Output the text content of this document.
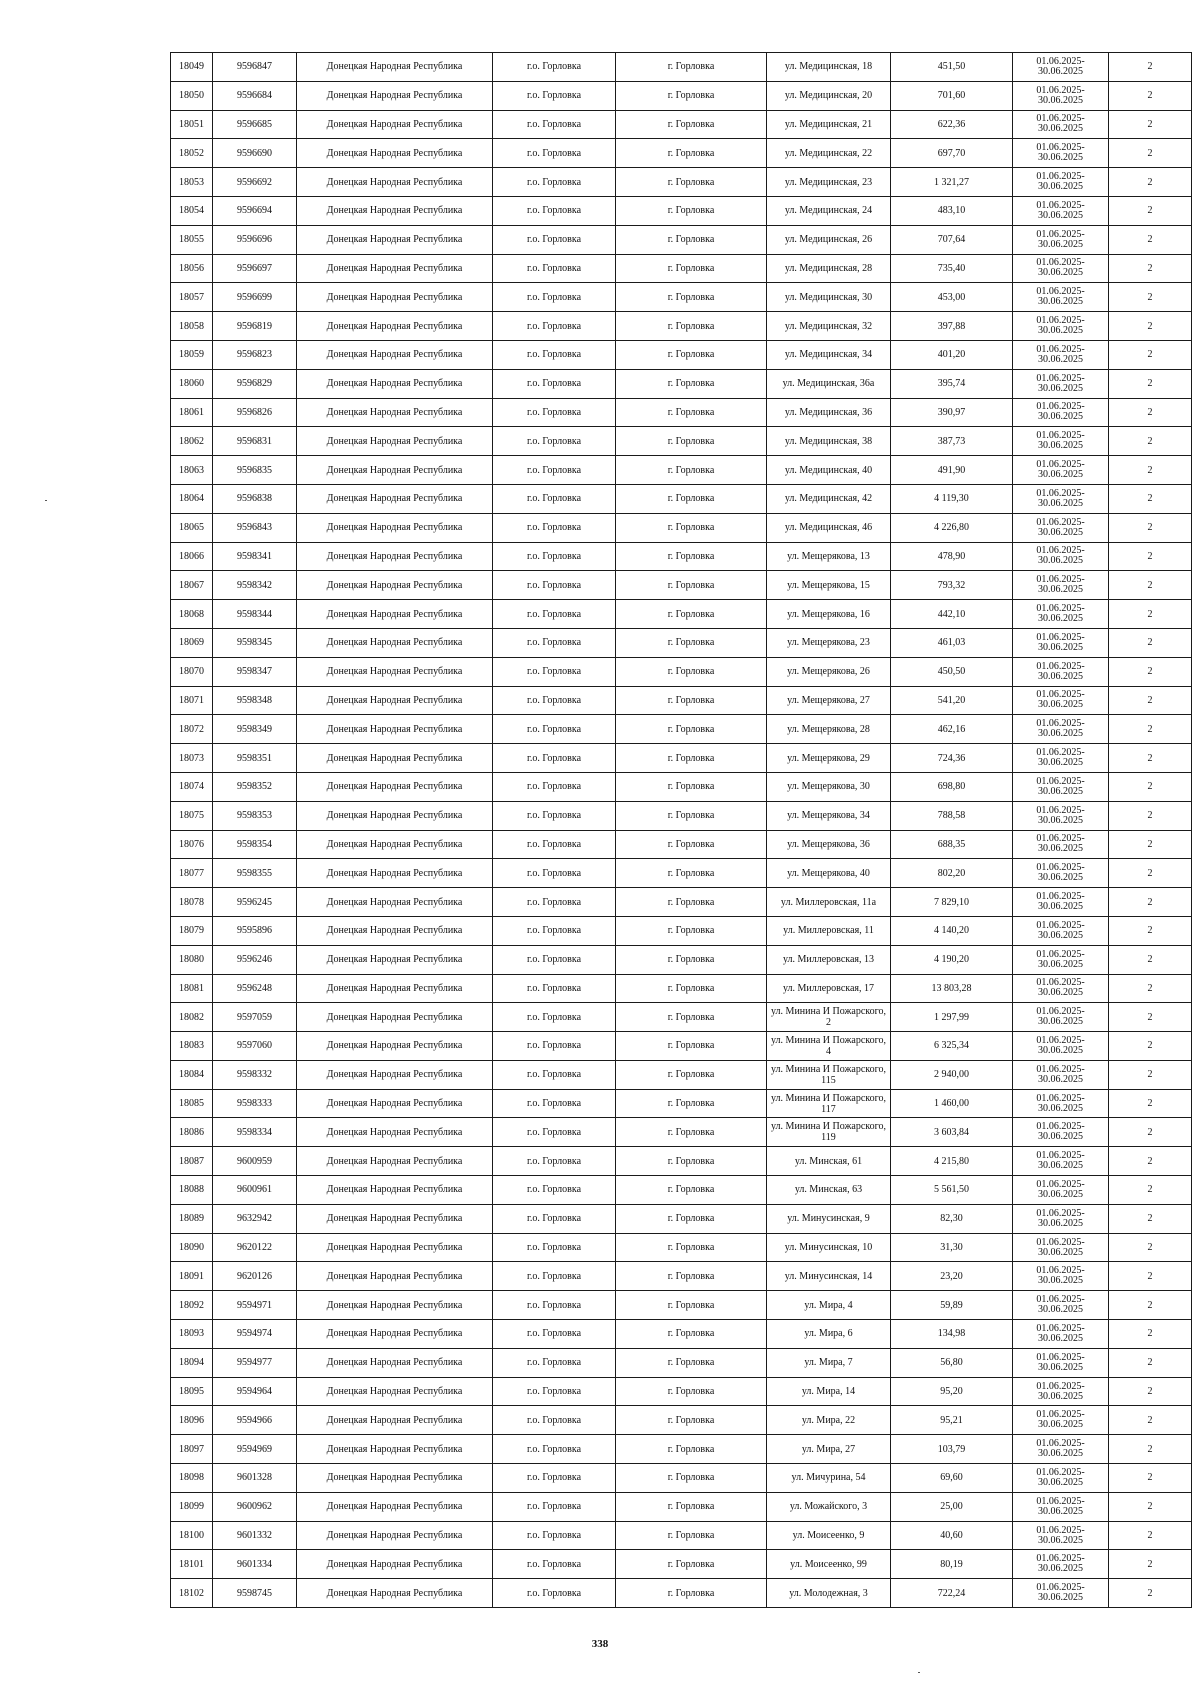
18049	9596847	Донецкая Народная Республика	г.о. Горловка	г. Горловка	ул. Медицинская, 18	451,50	01.06.2025-30.06.2025	2
18050	9596684	Донецкая Народная Республика	г.о. Горловка	г. Горловка	ул. Медицинская, 20	701,60	01.06.2025-30.06.2025	2
18051	9596685	Донецкая Народная Республика	г.о. Горловка	г. Горловка	ул. Медицинская, 21	622,36	01.06.2025-30.06.2025	2
18052	9596690	Донецкая Народная Республика	г.о. Горловка	г. Горловка	ул. Медицинская, 22	697,70	01.06.2025-30.06.2025	2
18053	9596692	Донецкая Народная Республика	г.о. Горловка	г. Горловка	ул. Медицинская, 23	1 321,27	01.06.2025-30.06.2025	2
18054	9596694	Донецкая Народная Республика	г.о. Горловка	г. Горловка	ул. Медицинская, 24	483,10	01.06.2025-30.06.2025	2
18055	9596696	Донецкая Народная Республика	г.о. Горловка	г. Горловка	ул. Медицинская, 26	707,64	01.06.2025-30.06.2025	2
18056	9596697	Донецкая Народная Республика	г.о. Горловка	г. Горловка	ул. Медицинская, 28	735,40	01.06.2025-30.06.2025	2
18057	9596699	Донецкая Народная Республика	г.о. Горловка	г. Горловка	ул. Медицинская, 30	453,00	01.06.2025-30.06.2025	2
18058	9596819	Донецкая Народная Республика	г.о. Горловка	г. Горловка	ул. Медицинская, 32	397,88	01.06.2025-30.06.2025	2
18059	9596823	Донецкая Народная Республика	г.о. Горловка	г. Горловка	ул. Медицинская, 34	401,20	01.06.2025-30.06.2025	2
18060	9596829	Донецкая Народная Республика	г.о. Горловка	г. Горловка	ул. Медицинская, 36а	395,74	01.06.2025-30.06.2025	2
18061	9596826	Донецкая Народная Республика	г.о. Горловка	г. Горловка	ул. Медицинская, 36	390,97	01.06.2025-30.06.2025	2
18062	9596831	Донецкая Народная Республика	г.о. Горловка	г. Горловка	ул. Медицинская, 38	387,73	01.06.2025-30.06.2025	2
18063	9596835	Донецкая Народная Республика	г.о. Горловка	г. Горловка	ул. Медицинская, 40	491,90	01.06.2025-30.06.2025	2
18064	9596838	Донецкая Народная Республика	г.о. Горловка	г. Горловка	ул. Медицинская, 42	4 119,30	01.06.2025-30.06.2025	2
18065	9596843	Донецкая Народная Республика	г.о. Горловка	г. Горловка	ул. Медицинская, 46	4 226,80	01.06.2025-30.06.2025	2
18066	9598341	Донецкая Народная Республика	г.о. Горловка	г. Горловка	ул. Мещерякова, 13	478,90	01.06.2025-30.06.2025	2
18067	9598342	Донецкая Народная Республика	г.о. Горловка	г. Горловка	ул. Мещерякова, 15	793,32	01.06.2025-30.06.2025	2
18068	9598344	Донецкая Народная Республика	г.о. Горловка	г. Горловка	ул. Мещерякова, 16	442,10	01.06.2025-30.06.2025	2
18069	9598345	Донецкая Народная Республика	г.о. Горловка	г. Горловка	ул. Мещерякова, 23	461,03	01.06.2025-30.06.2025	2
18070	9598347	Донецкая Народная Республика	г.о. Горловка	г. Горловка	ул. Мещерякова, 26	450,50	01.06.2025-30.06.2025	2
18071	9598348	Донецкая Народная Республика	г.о. Горловка	г. Горловка	ул. Мещерякова, 27	541,20	01.06.2025-30.06.2025	2
18072	9598349	Донецкая Народная Республика	г.о. Горловка	г. Горловка	ул. Мещерякова, 28	462,16	01.06.2025-30.06.2025	2
18073	9598351	Донецкая Народная Республика	г.о. Горловка	г. Горловка	ул. Мещерякова, 29	724,36	01.06.2025-30.06.2025	2
18074	9598352	Донецкая Народная Республика	г.о. Горловка	г. Горловка	ул. Мещерякова, 30	698,80	01.06.2025-30.06.2025	2
18075	9598353	Донецкая Народная Республика	г.о. Горловка	г. Горловка	ул. Мещерякова, 34	788,58	01.06.2025-30.06.2025	2
18076	9598354	Донецкая Народная Республика	г.о. Горловка	г. Горловка	ул. Мещерякова, 36	688,35	01.06.2025-30.06.2025	2
18077	9598355	Донецкая Народная Республика	г.о. Горловка	г. Горловка	ул. Мещерякова, 40	802,20	01.06.2025-30.06.2025	2
18078	9596245	Донецкая Народная Республика	г.о. Горловка	г. Горловка	ул. Миллеровская, 11а	7 829,10	01.06.2025-30.06.2025	2
18079	9595896	Донецкая Народная Республика	г.о. Горловка	г. Горловка	ул. Миллеровская, 11	4 140,20	01.06.2025-30.06.2025	2
18080	9596246	Донецкая Народная Республика	г.о. Горловка	г. Горловка	ул. Миллеровская, 13	4 190,20	01.06.2025-30.06.2025	2
18081	9596248	Донецкая Народная Республика	г.о. Горловка	г. Горловка	ул. Миллеровская, 17	13 803,28	01.06.2025-30.06.2025	2
18082	9597059	Донецкая Народная Республика	г.о. Горловка	г. Горловка	ул. Минина И Пожарского, 2	1 297,99	01.06.2025-30.06.2025	2
18083	9597060	Донецкая Народная Республика	г.о. Горловка	г. Горловка	ул. Минина И Пожарского, 4	6 325,34	01.06.2025-30.06.2025	2
18084	9598332	Донецкая Народная Республика	г.о. Горловка	г. Горловка	ул. Минина И Пожарского, 115	2 940,00	01.06.2025-30.06.2025	2
18085	9598333	Донецкая Народная Республика	г.о. Горловка	г. Горловка	ул. Минина И Пожарского, 117	1 460,00	01.06.2025-30.06.2025	2
18086	9598334	Донецкая Народная Республика	г.о. Горловка	г. Горловка	ул. Минина И Пожарского, 119	3 603,84	01.06.2025-30.06.2025	2
18087	9600959	Донецкая Народная Республика	г.о. Горловка	г. Горловка	ул. Минская, 61	4 215,80	01.06.2025-30.06.2025	2
18088	9600961	Донецкая Народная Республика	г.о. Горловка	г. Горловка	ул. Минская, 63	5 561,50	01.06.2025-30.06.2025	2
18089	9632942	Донецкая Народная Республика	г.о. Горловка	г. Горловка	ул. Минусинская, 9	82,30	01.06.2025-30.06.2025	2
18090	9620122	Донецкая Народная Республика	г.о. Горловка	г. Горловка	ул. Минусинская, 10	31,30	01.06.2025-30.06.2025	2
18091	9620126	Донецкая Народная Республика	г.о. Горловка	г. Горловка	ул. Минусинская, 14	23,20	01.06.2025-30.06.2025	2
18092	9594971	Донецкая Народная Республика	г.о. Горловка	г. Горловка	ул. Мира, 4	59,89	01.06.2025-30.06.2025	2
18093	9594974	Донецкая Народная Республика	г.о. Горловка	г. Горловка	ул. Мира, 6	134,98	01.06.2025-30.06.2025	2
18094	9594977	Донецкая Народная Республика	г.о. Горловка	г. Горловка	ул. Мира, 7	56,80	01.06.2025-30.06.2025	2
18095	9594964	Донецкая Народная Республика	г.о. Горловка	г. Горловка	ул. Мира, 14	95,20	01.06.2025-30.06.2025	2
18096	9594966	Донецкая Народная Республика	г.о. Горловка	г. Горловка	ул. Мира, 22	95,21	01.06.2025-30.06.2025	2
18097	9594969	Донецкая Народная Республика	г.о. Горловка	г. Горловка	ул. Мира, 27	103,79	01.06.2025-30.06.2025	2
18098	9601328	Донецкая Народная Республика	г.о. Горловка	г. Горловка	ул. Мичурина, 54	69,60	01.06.2025-30.06.2025	2
18099	9600962	Донецкая Народная Республика	г.о. Горловка	г. Горловка	ул. Можайского, 3	25,00	01.06.2025-30.06.2025	2
18100	9601332	Донецкая Народная Республика	г.о. Горловка	г. Горловка	ул. Моисеенко, 9	40,60	01.06.2025-30.06.2025	2
18101	9601334	Донецкая Народная Республика	г.о. Горловка	г. Горловка	ул. Моисеенко, 99	80,19	01.06.2025-30.06.2025	2
18102	9598745	Донецкая Народная Республика	г.о. Горловка	г. Горловка	ул. Молодежная, 3	722,24	01.06.2025-30.06.2025	2
338
